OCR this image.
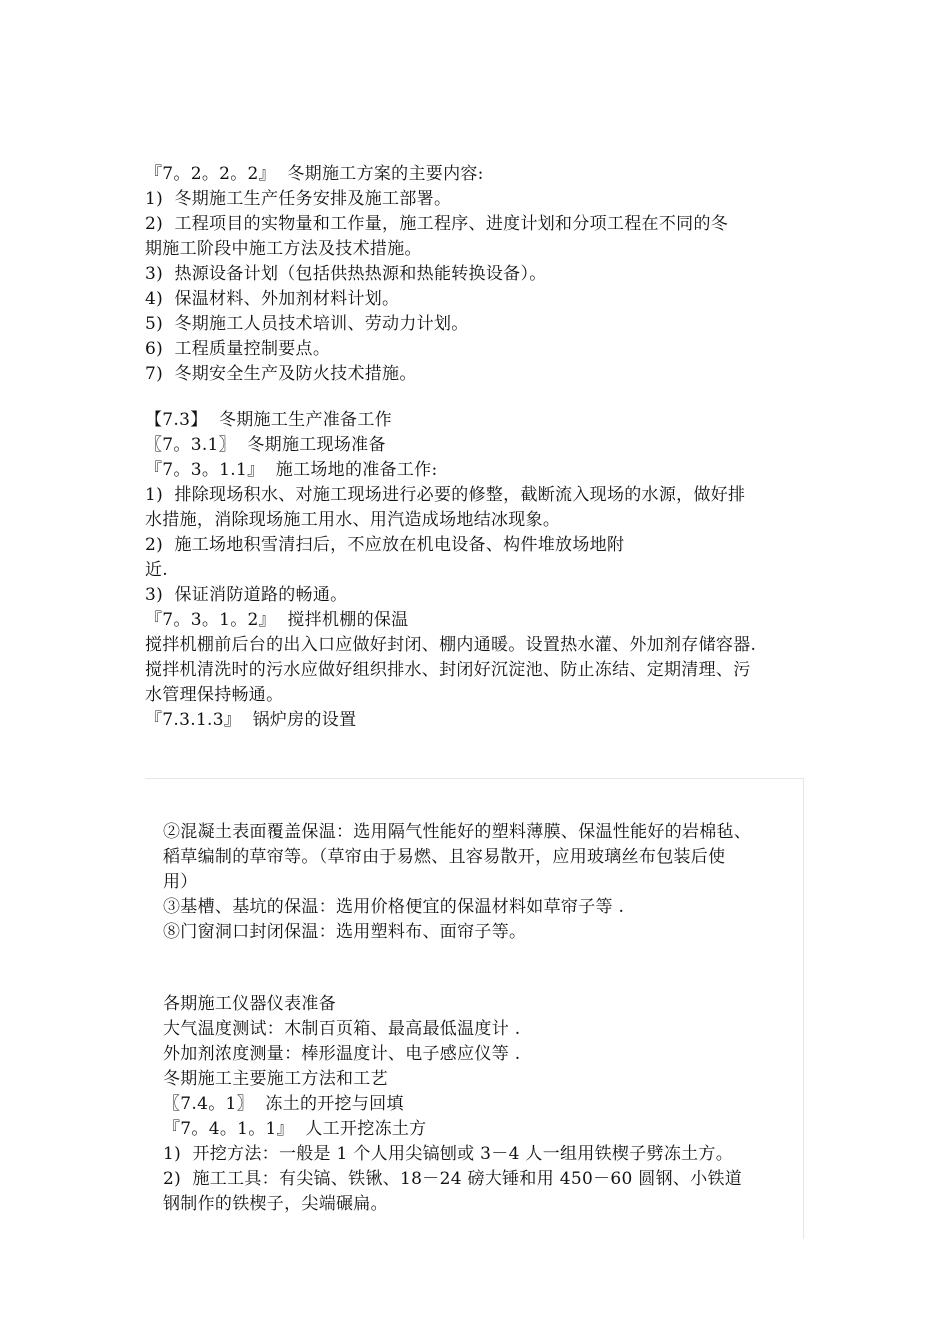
『7。2。2。2』  冬期施工方案的主要内容:
1)  冬期施工生产任务安排及施工部署。
2)  工程项目的实物量和工作量，施工程序、进度计划和分项工程在不同的冬
期施工阶段中施工方法及技术措施。
3)  热源设备计划（包括供热热源和热能转换设备）。
4)  保温材料、外加剂材料计划。
5)  冬期施工人员技术培训、劳动力计划。
6)  工程质量控制要点。
7)  冬期安全生产及防火技术措施。
【7.3】  冬期施工生产准备工作
〖7。3.1〗  冬期施工现场准备
『7。3。1.1』  施工场地的准备工作:
1)  排除现场积水、对施工现场进行必要的修整，截断流入现场的水源，做好排
水措施，消除现场施工用水、用汽造成场地结冰现象。
2)  施工场地积雪清扫后，不应放在机电设备、构件堆放场地附
近.
3)  保证消防道路的畅通。
『7。3。1。2』  搅拌机棚的保温
搅拌机棚前后台的出入口应做好封闭、棚内通暖。设置热水灌、外加剂存储容器.
搅拌机清洗时的污水应做好组织排水、封闭好沉淀池、防止冻结、定期清理、污
水管理保持畅通。
『7.3.1.3』  锅炉房的设置
②混凝土表面覆盖保温：选用隔气性能好的塑料薄膜、保温性能好的岩棉毡、
稻草编制的草帘等。（草帘由于易燃、且容易散开，应用玻璃丝布包装后使
用）
③基槽、基坑的保温：选用价格便宜的保温材料如草帘子等 .
⑧门窗洞口封闭保温：选用塑料布、面帘子等。
各期施工仪器仪表准备
大气温度测试：木制百页箱、最高最低温度计 .
外加剂浓度测量：棒形温度计、电子感应仪等 .
冬期施工主要施工方法和工艺
〖7.4。1〗  冻土的开挖与回填
『7。4。1。1』  人工开挖冻土方
1)  开挖方法：一般是 1 个人用尖镐刨或 3－4 人一组用铁楔子劈冻土方。
2)  施工工具：有尖镐、铁锹、18－24 磅大锤和用 450－60 圆钢、小铁道
钢制作的铁楔子，尖端碾扁。
